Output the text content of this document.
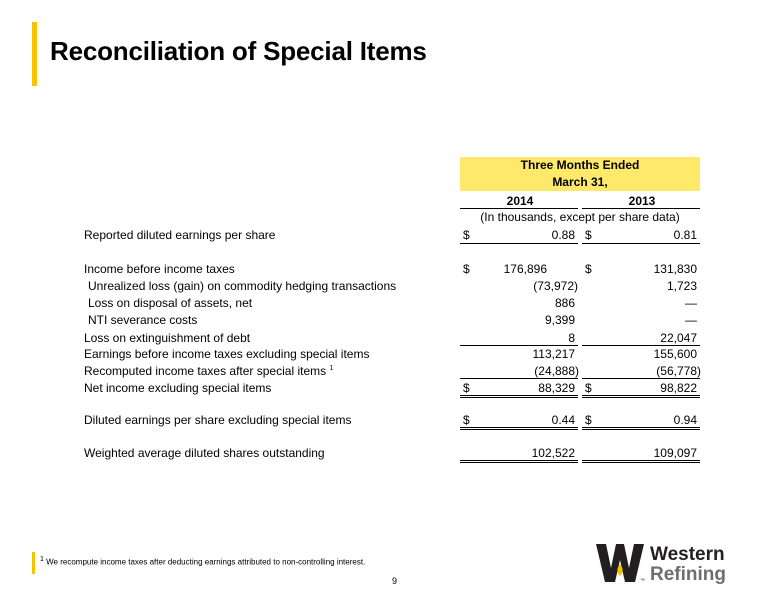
Reconciliation of Special Items
Three Months Ended
March 31,
2014	2013
(In thousands, except per share data)
Reported diluted earnings per share	$	0.88 $	0.81
Income before income taxes	$	176,896	$	131,830
Unrealized loss (gain) on commodity hedging transactions	(73,972)	1,723
Loss on disposal of assets, net	886	—
NTI severance costs	9,399	—
Loss on extinguishment of debt	8	22,047
Earnings before income taxes excluding special items	113,217	155,600
Recomputed income taxes after special items $^1$	(24,888)	(56,778)
Net income excluding special items	$	88,329 $	98,822
Diluted earnings per share excluding special items	$	0.44 $	0.94
Weighted average diluted shares outstanding	102,522	109,097
$^1$ We recompute income taxes after deducting earnings attributed to non-controlling interest.
9
Western
Refining
™
